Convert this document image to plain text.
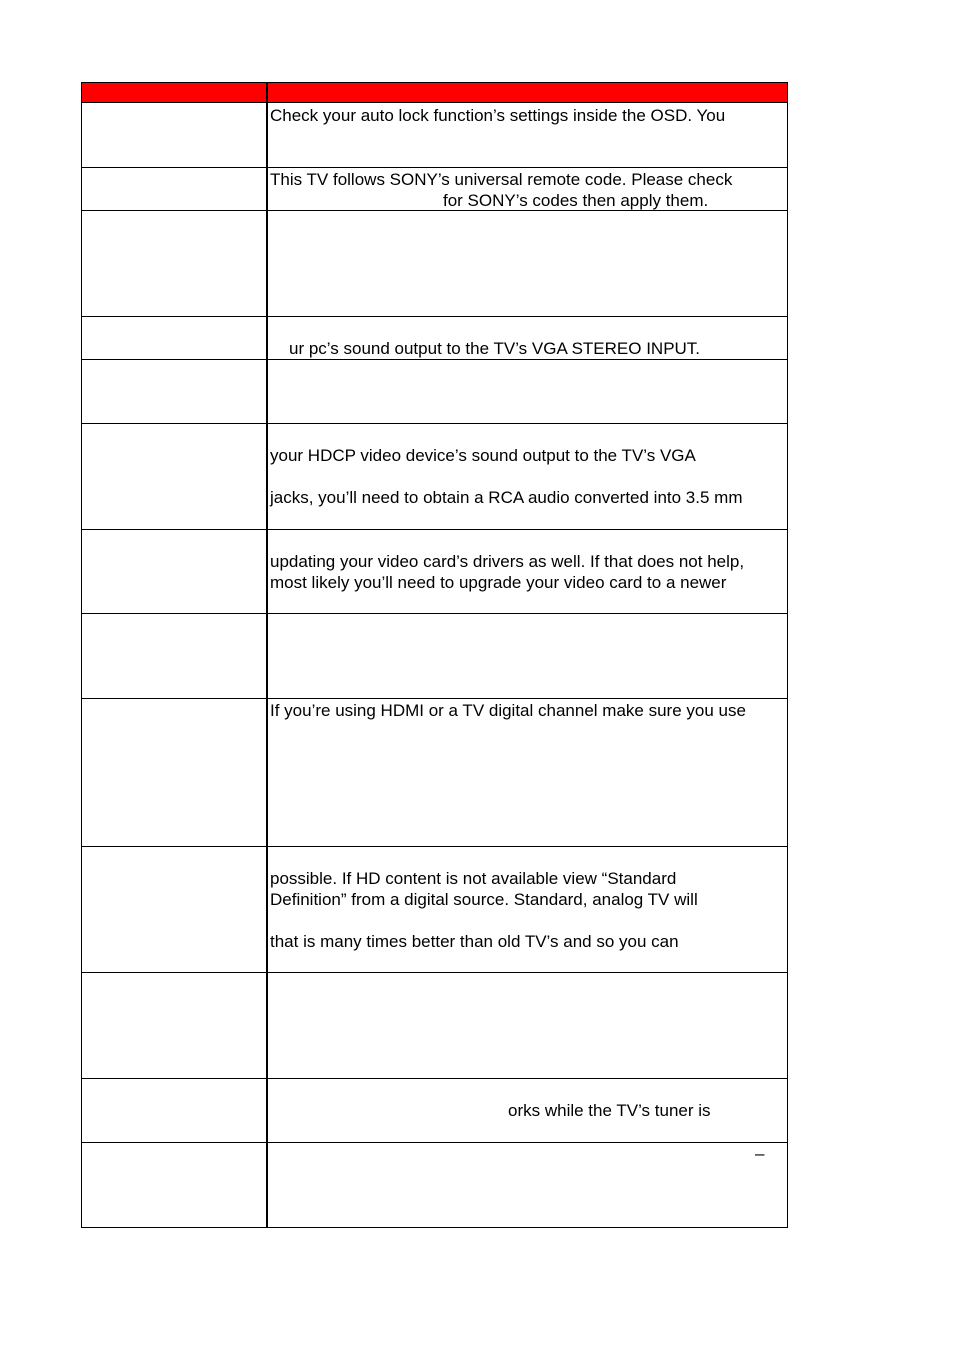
Check your auto lock function’s settings inside the OSD. You
This TV follows SONY’s universal remote code. Please check
for SONY’s codes then apply them.
ur pc’s sound output to the TV’s VGA STEREO INPUT.
your HDCP video device’s sound output to the TV’s VGA
jacks, you’ll need to obtain a RCA audio converted into 3.5 mm
updating your video card’s drivers as well. If that does not help,
most likely you’ll need to upgrade your video card to a newer
If you’re using HDMI or a TV digital channel make sure you use
possible. If HD content is not available view “Standard
Definition” from a digital source. Standard, analog TV will
that is many times better than old TV’s and so you can
orks while the TV’s tuner is
–
